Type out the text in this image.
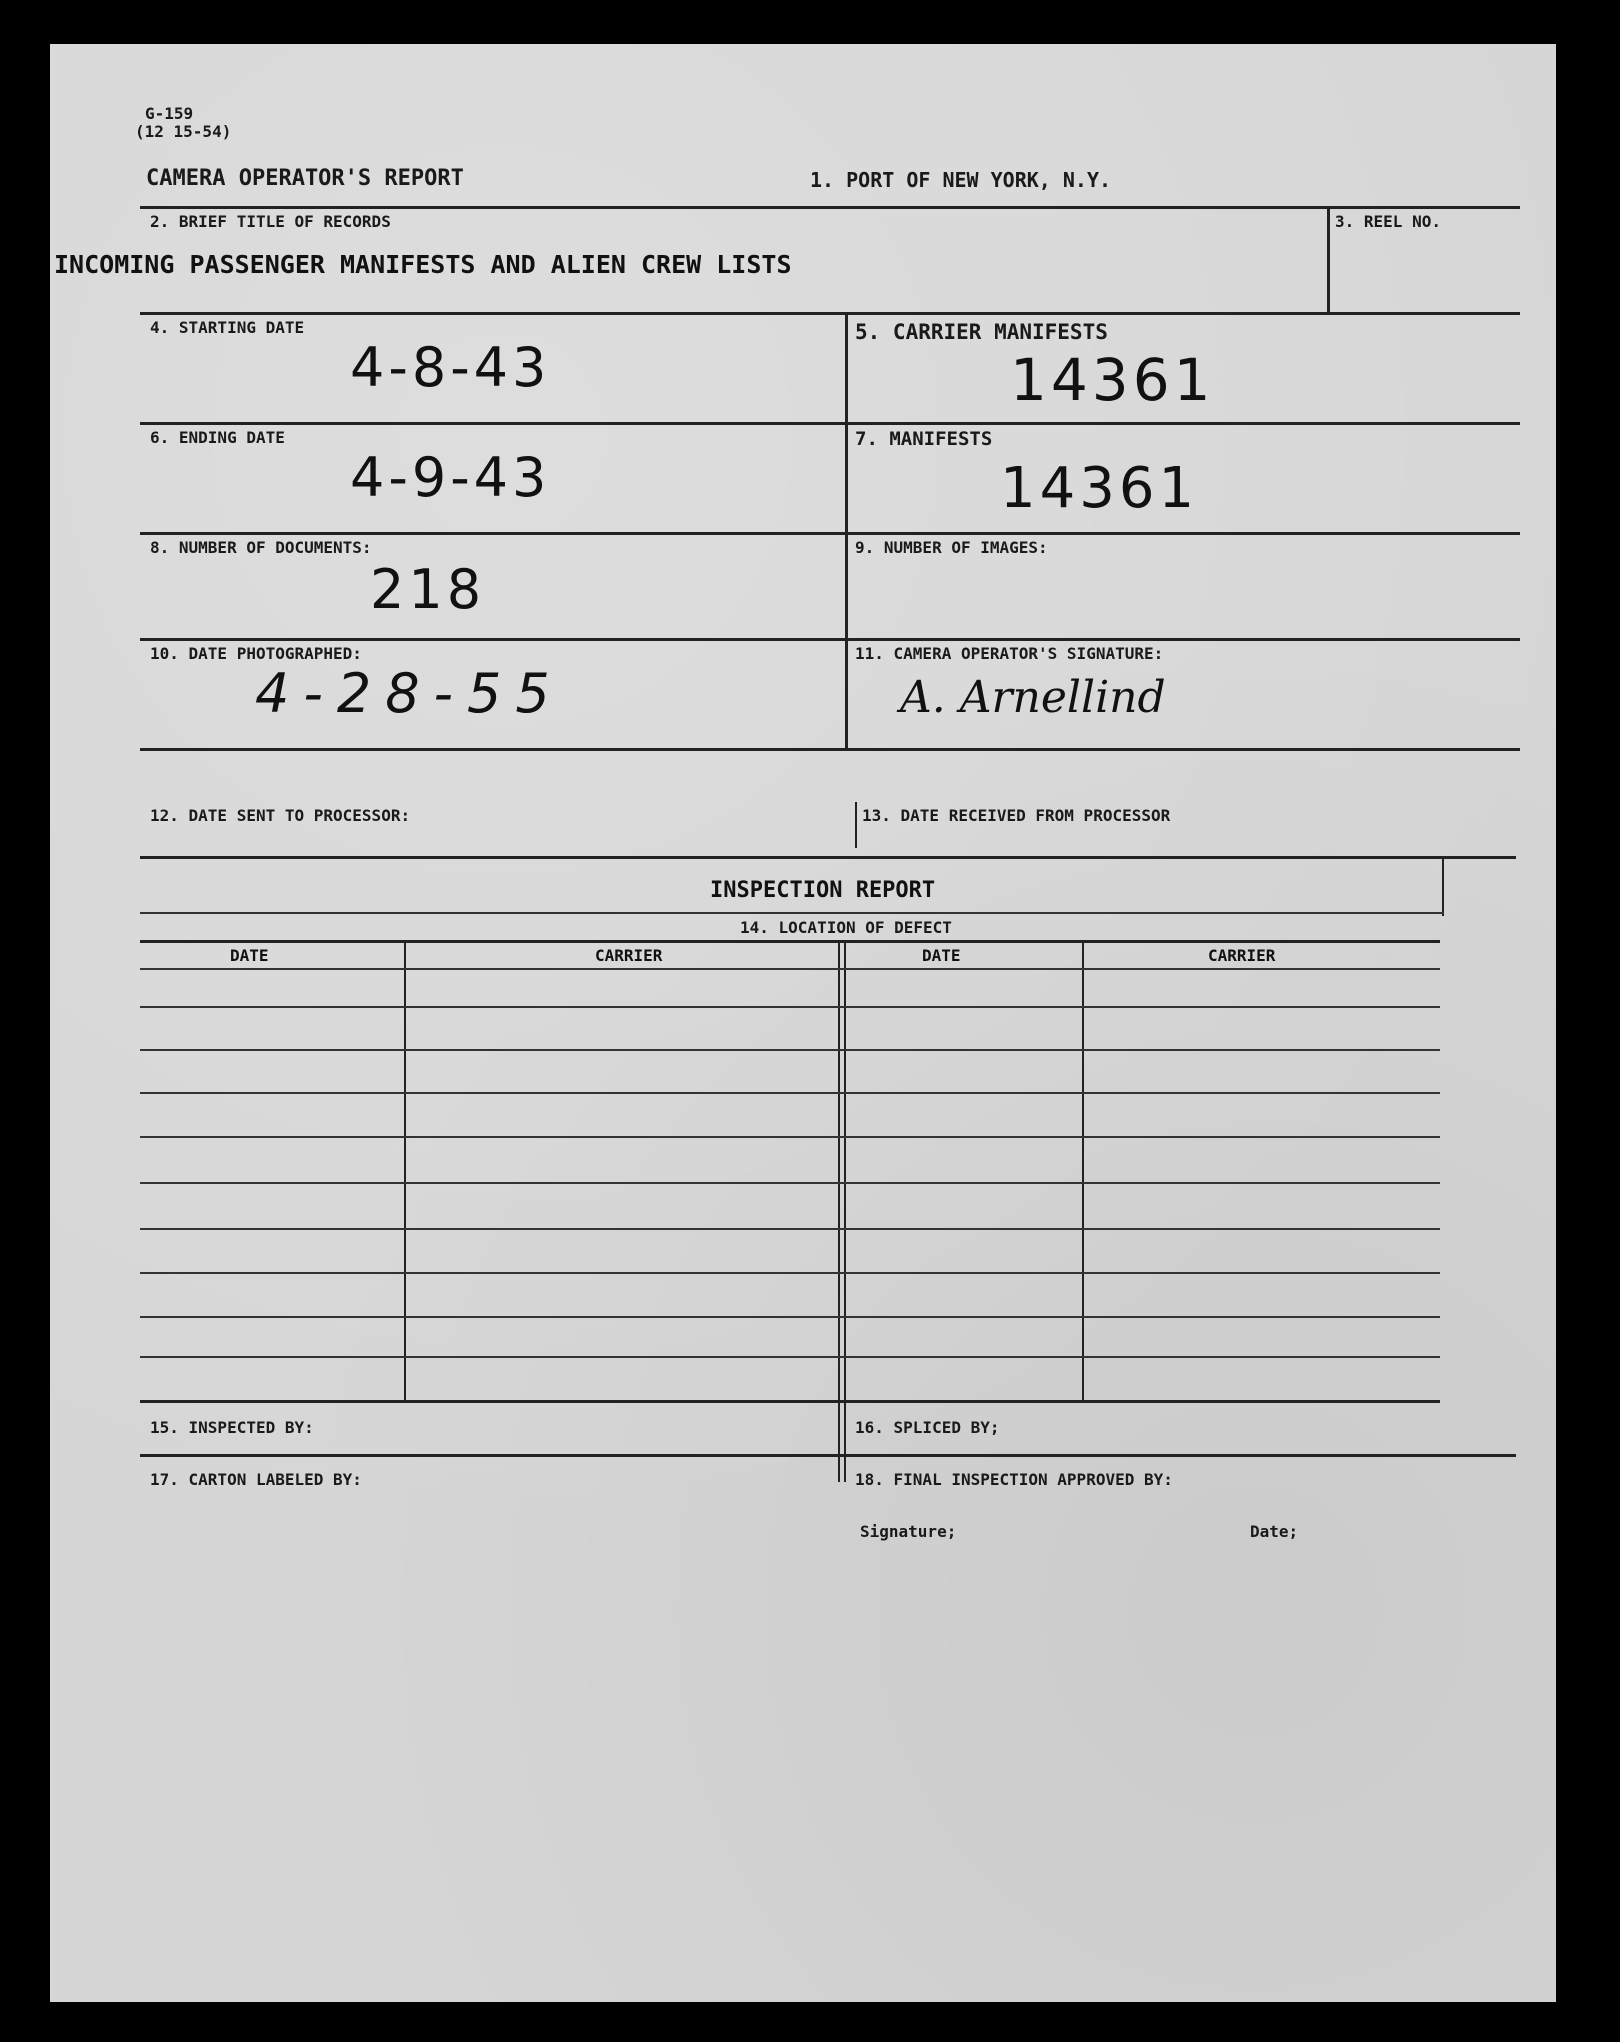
G-159
(12 15-54)
CAMERA OPERATOR'S REPORT	1. PORT OF NEW YORK, N.Y.
2. BRIEF TITLE OF RECORDS
INCOMING PASSENGER MANIFESTS AND ALIEN CREW LISTS
3. REEL NO.
4. STARTING DATE
4-8-43
5. CARRIER MANIFESTS
14361
6. ENDING DATE
4-9-43
7. MANIFESTS
14361
8. NUMBER OF DOCUMENTS:
218
9. NUMBER OF IMAGES:
10. DATE PHOTOGRAPHED:
4-28-55
11. CAMERA OPERATOR'S SIGNATURE:
A. Arnellind
12. DATE SENT TO PROCESSOR:	13. DATE RECEIVED FROM PROCESSOR
INSPECTION REPORT
14. LOCATION OF DEFECT
DATE	CARRIER	DATE	CARRIER
15. INSPECTED BY:	16. SPLICED BY;
17. CARTON LABELED BY:	18. FINAL INSPECTION APPROVED BY:
Signature;	Date;
